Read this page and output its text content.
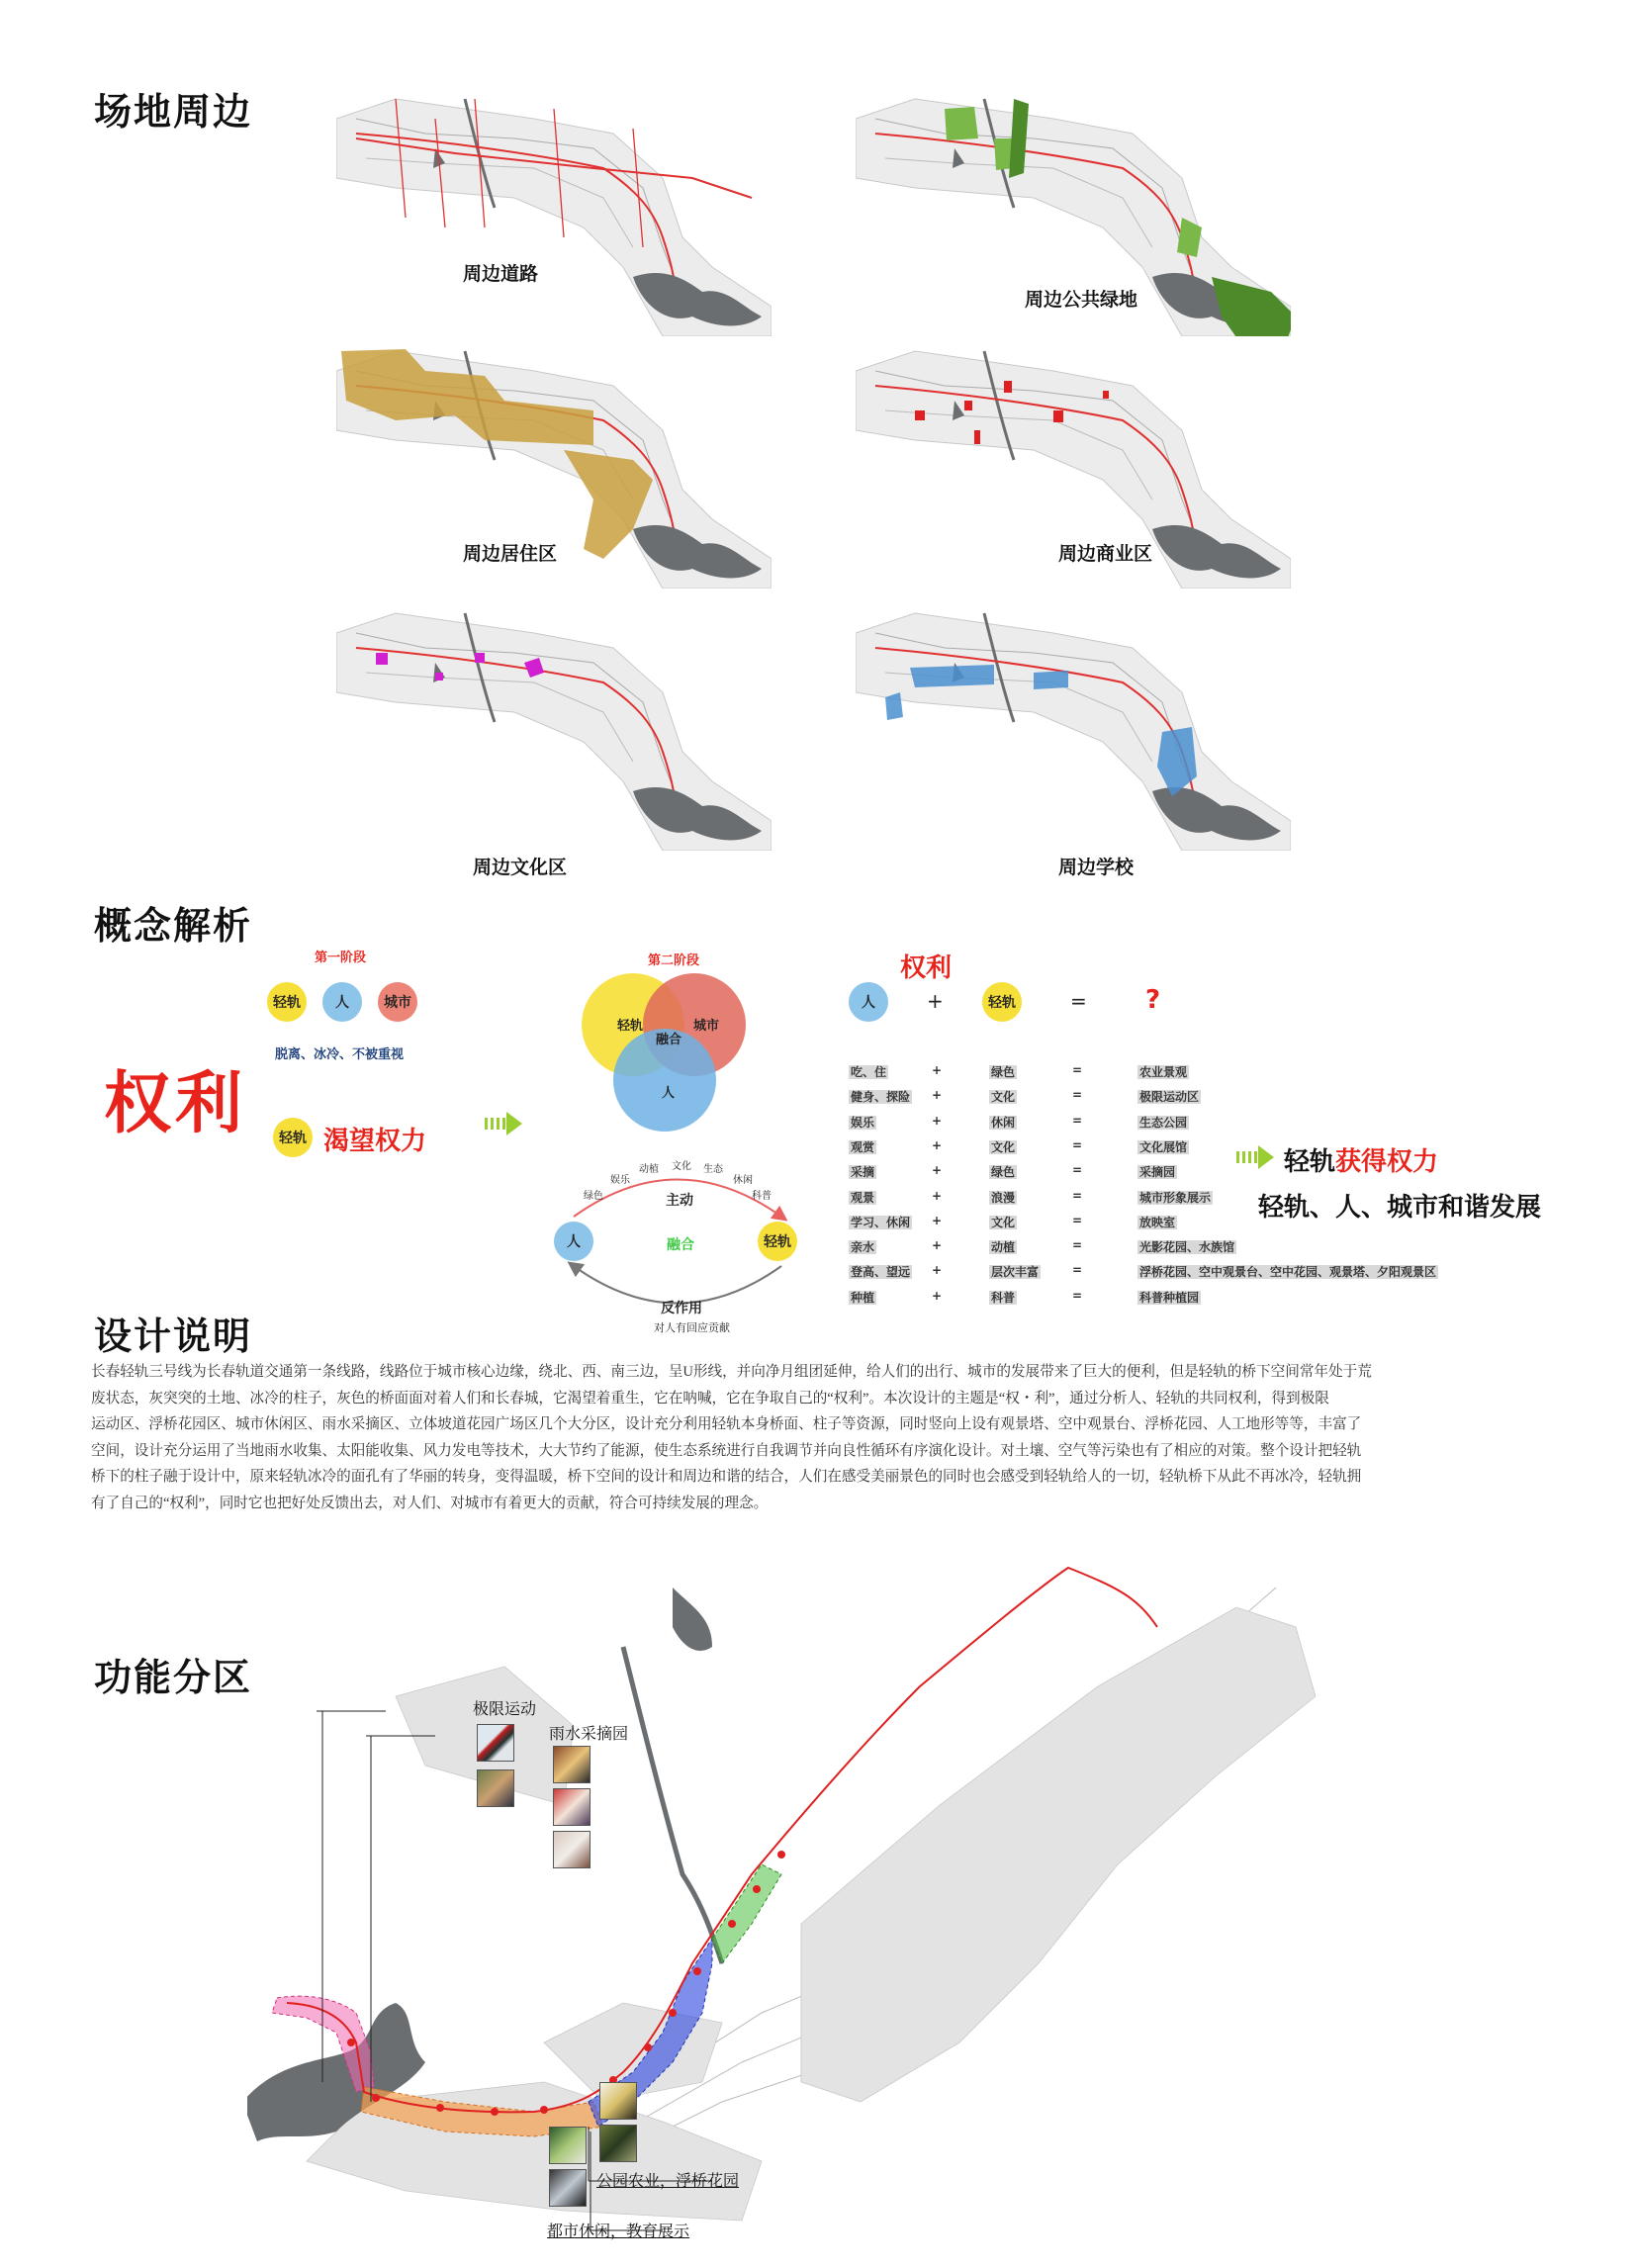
场地周边
周边道路
周边公共绿地
周边居住区	周边商业区
周边文化区	周边学校
概念解析
第一阶段
轻轨	人	城市
脱离、冰冷、不被重视
权利	轻轨 渴望权力
第二阶段
轻轨	城市
融合
人
绿色
娱乐
动植 文化 生态
休闲
科普
主动
人	融合	轻轨
反作用
对人有回应贡献
权利
人	+	轻轨	= ?
吃、住	+	绿色	=	农业景观
健身、探险 +	文化	=	极限运动区
娱乐	+	休闲	=	生态公园
观赏	+	文化	=	文化展馆
采摘	+	绿色	=	采摘园
观景	+	浪漫	=	城市形象展示
学习、休闲 +	文化	=	放映室
亲水	+	动植	=	光影花园、水族馆
登高、望远 +	层次丰富	=	浮桥花园、空中观景台、空中花园、观景塔、夕阳观景区
种植	+	科普	=	科普种植园
轻轨获得权力
轻轨、人、城市和谐发展
设计说明
长春轻轨三号线为长春轨道交通第一条线路，线路位于城市核心边缘，绕北、西、南三边，呈U形线，并向净月组团延伸，给人们的出行、城市的发展带来了巨大的便利，但是轻轨的桥下空间常年处于荒
废状态，灰突突的土地、冰冷的柱子，灰色的桥面面对着人们和长春城，它渴望着重生，它在呐喊，它在争取自己的“权利”。本次设计的主题是“权・利”，通过分析人、轻轨的共同权利，得到极限
运动区、浮桥花园区、城市休闲区、雨水采摘区、立体坡道花园广场区几个大分区，设计充分利用轻轨本身桥面、柱子等资源，同时竖向上设有观景塔、空中观景台、浮桥花园、人工地形等等，丰富了
空间，设计充分运用了当地雨水收集、太阳能收集、风力发电等技术，大大节约了能源，使生态系统进行自我调节并向良性循环有序演化设计。对土壤、空气等污染也有了相应的对策。整个设计把轻轨
桥下的柱子融于设计中，原来轻轨冰冷的面孔有了华丽的转身，变得温暖，桥下空间的设计和周边和谐的结合，人们在感受美丽景色的同时也会感受到轻轨给人的一切，轻轨桥下从此不再冰冷，轻轨拥
有了自己的“权利”，同时它也把好处反馈出去，对人们、对城市有着更大的贡献，符合可持续发展的理念。
功能分区
极限运动
雨水采摘园
公园农业，浮桥花园
都市休闲，教育展示
